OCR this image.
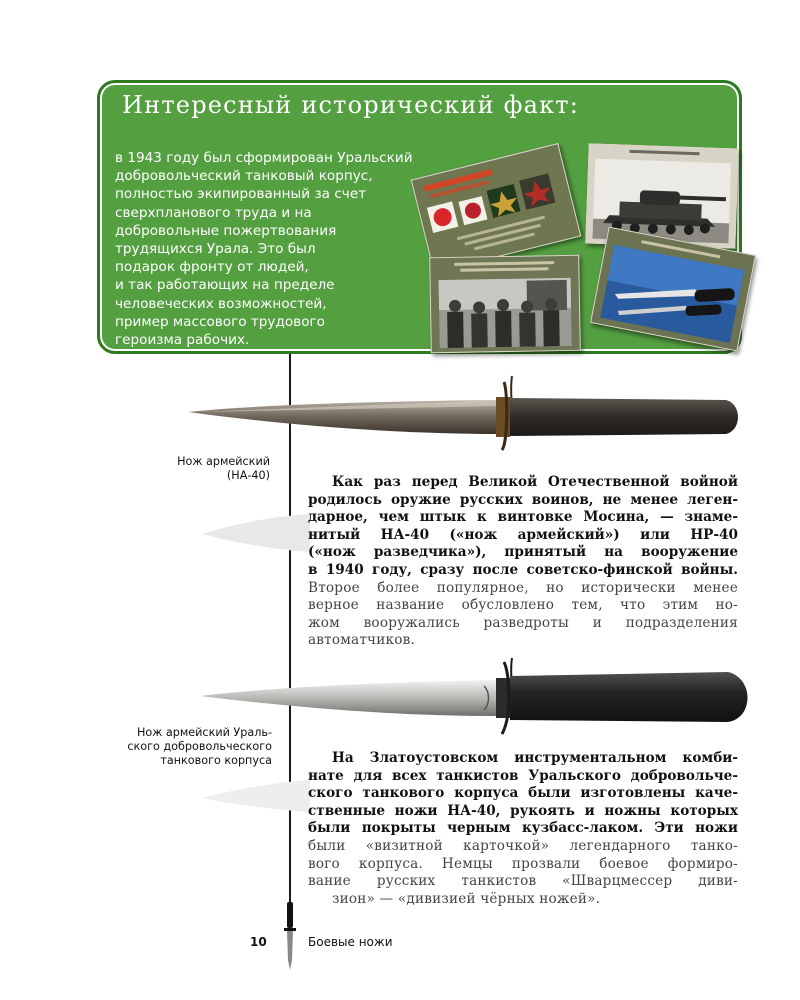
Интересный исторический факт:
в 1943 году был сформирован Уральский
добровольческий танковый корпус,
полностью экипированный за счет
сверхпланового труда и на
добровольные пожертвования
трудящихся Урала. Это был
подарок фронту от людей,
и так работающих на пределе
человеческих возможностей,
пример массового трудового
героизма рабочих.
Нож армейский
(НА-40)
Нож армейский Ураль-
ского добровольческого
танкового корпуса
Как раз перед Великой Отечественной войной
родилось оружие русских воинов, не менее леген-
дарное, чем штык к винтовке Мосина, — знаме-
нитый НА-40 («нож армейский») или НР-40
(«нож разведчика»), принятый на вооружение
в 1940 году, сразу после советско-финской войны.
Второе более популярное, но исторически менее
верное название обусловлено тем, что этим но-
жом вооружались разведроты и подразделения
автоматчиков.
На Златоустовском инструментальном комби-
нате для всех танкистов Уральского добровольче-
ского танкового корпуса были изготовлены каче-
ственные ножи НА-40, рукоять и ножны которых
были покрыты черным кузбасс-лаком. Эти ножи
были «визитной карточкой» легендарного танко-
вого корпуса. Немцы прозвали боевое формиро-
вание русских танкистов «Шварцмессер диви-
зион» — «дивизией чёрных ножей».
10	Боевые ножи
